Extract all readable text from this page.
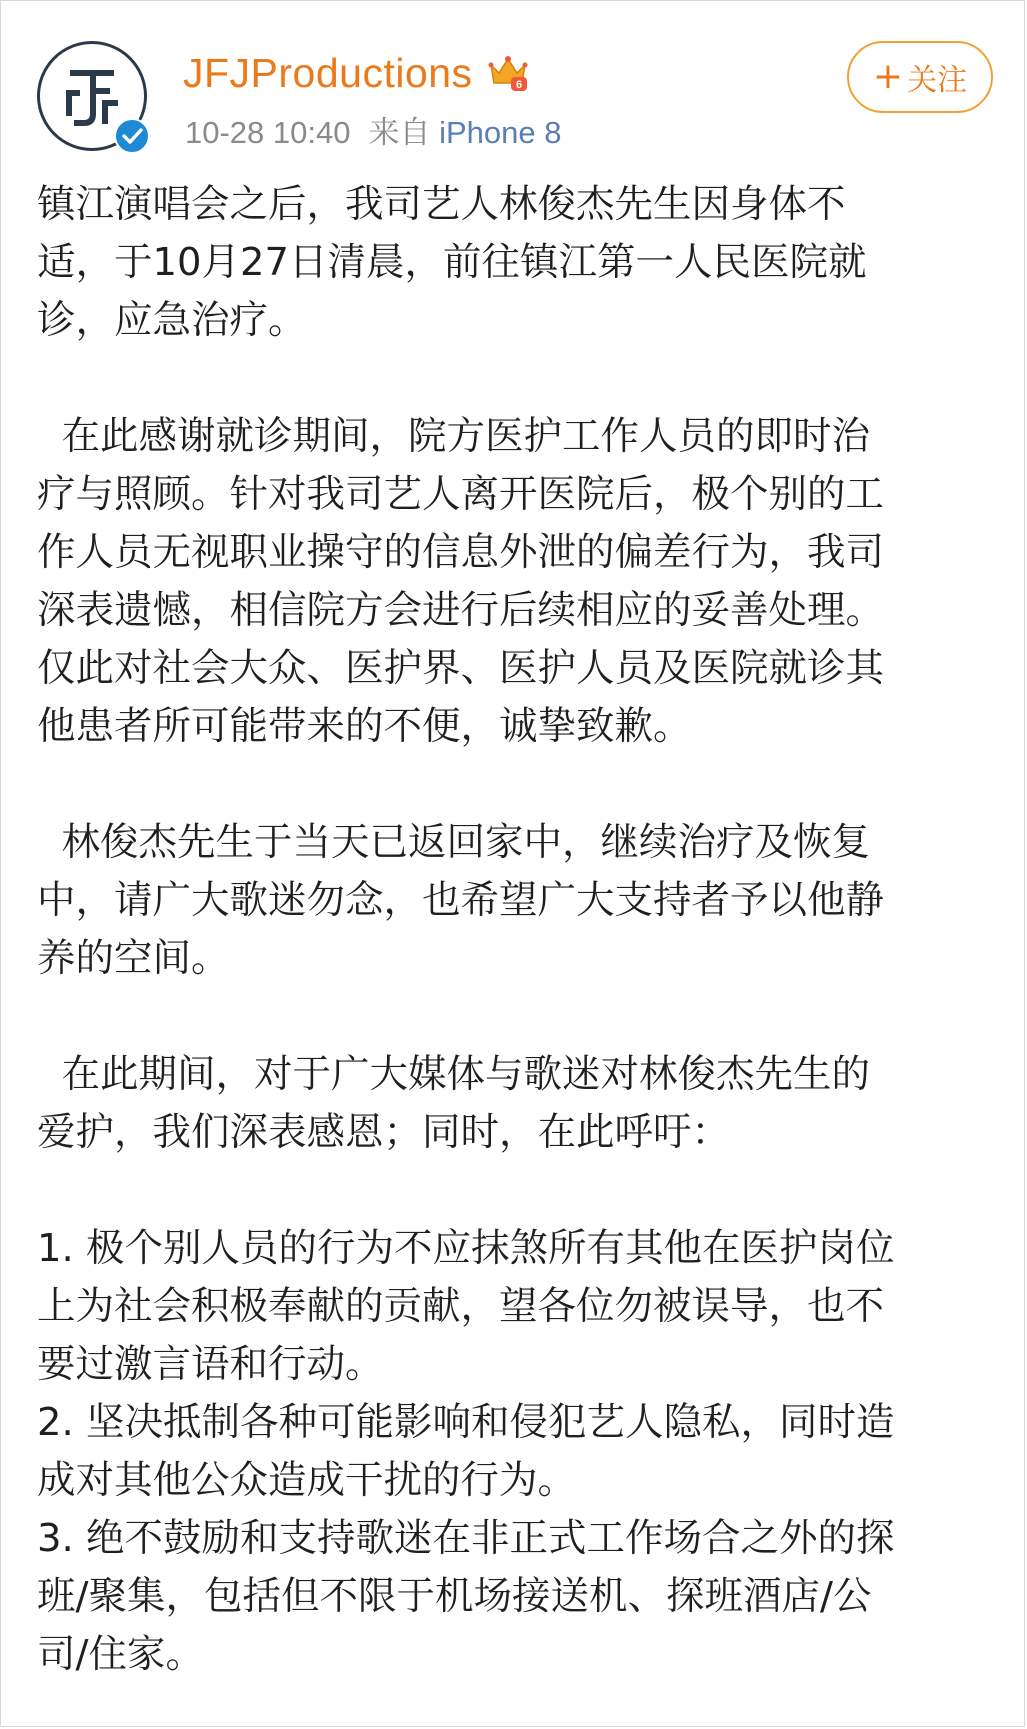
JFJProductions	6
10-28 10:40 来自 iPhone 8
+ 关注
镇江演唱会之后，我司艺人林俊杰先生因身体不
适，于10月27日清晨，前往镇江第一人民医院就
诊，应急治疗。
在此感谢就诊期间，院方医护工作人员的即时治
疗与照顾。针对我司艺人离开医院后，极个别的工
作人员无视职业操守的信息外泄的偏差行为，我司
深表遗憾，相信院方会进行后续相应的妥善处理。
仅此对社会大众、医护界、医护人员及医院就诊其
他患者所可能带来的不便，诚挚致歉。
林俊杰先生于当天已返回家中，继续治疗及恢复
中，请广大歌迷勿念，也希望广大支持者予以他静
养的空间。
在此期间，对于广大媒体与歌迷对林俊杰先生的
爱护，我们深表感恩；同时，在此呼吁：
1. 极个别人员的行为不应抹煞所有其他在医护岗位
上为社会积极奉献的贡献，望各位勿被误导，也不
要过激言语和行动。
2. 坚决抵制各种可能影响和侵犯艺人隐私，同时造
成对其他公众造成干扰的行为。
3. 绝不鼓励和支持歌迷在非正式工作场合之外的探
班/聚集，包括但不限于机场接送机、探班酒店/公
司/住家。
